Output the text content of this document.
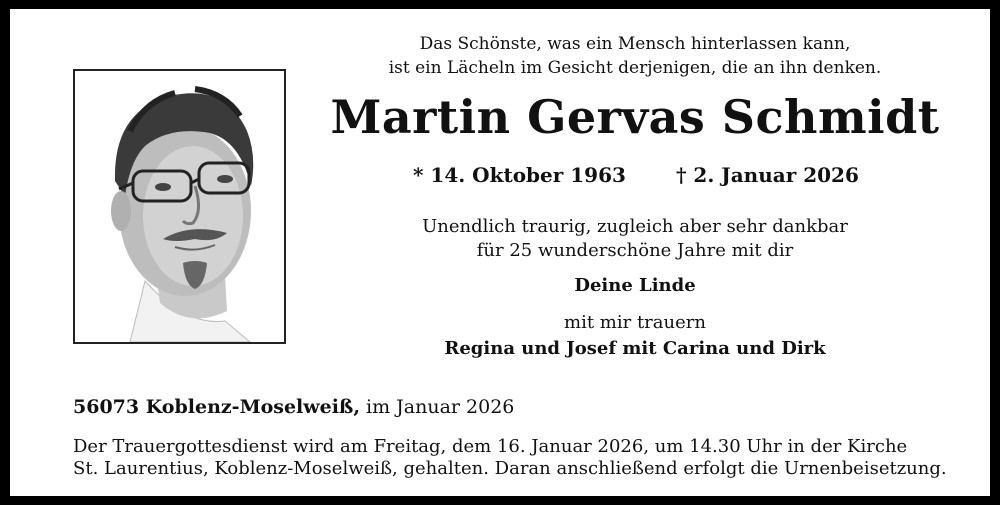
Das Schönste, was ein Mensch hinterlassen kann,
ist ein Lächeln im Gesicht derjenigen, die an ihn denken.
Martin Gervas Schmidt
* 14. Oktober 1963	† 2. Januar 2026
Unendlich traurig, zugleich aber sehr dankbar
für 25 wunderschöne Jahre mit dir
Deine Linde
mit mir trauern
Regina und Josef mit Carina und Dirk
56073 Koblenz-Moselweiß, im Januar 2026
Der Trauergottesdienst wird am Freitag, dem 16. Januar 2026, um 14.30 Uhr in der Kirche
St. Laurentius, Koblenz-Moselweiß, gehalten. Daran anschließend erfolgt die Urnenbeisetzung.
